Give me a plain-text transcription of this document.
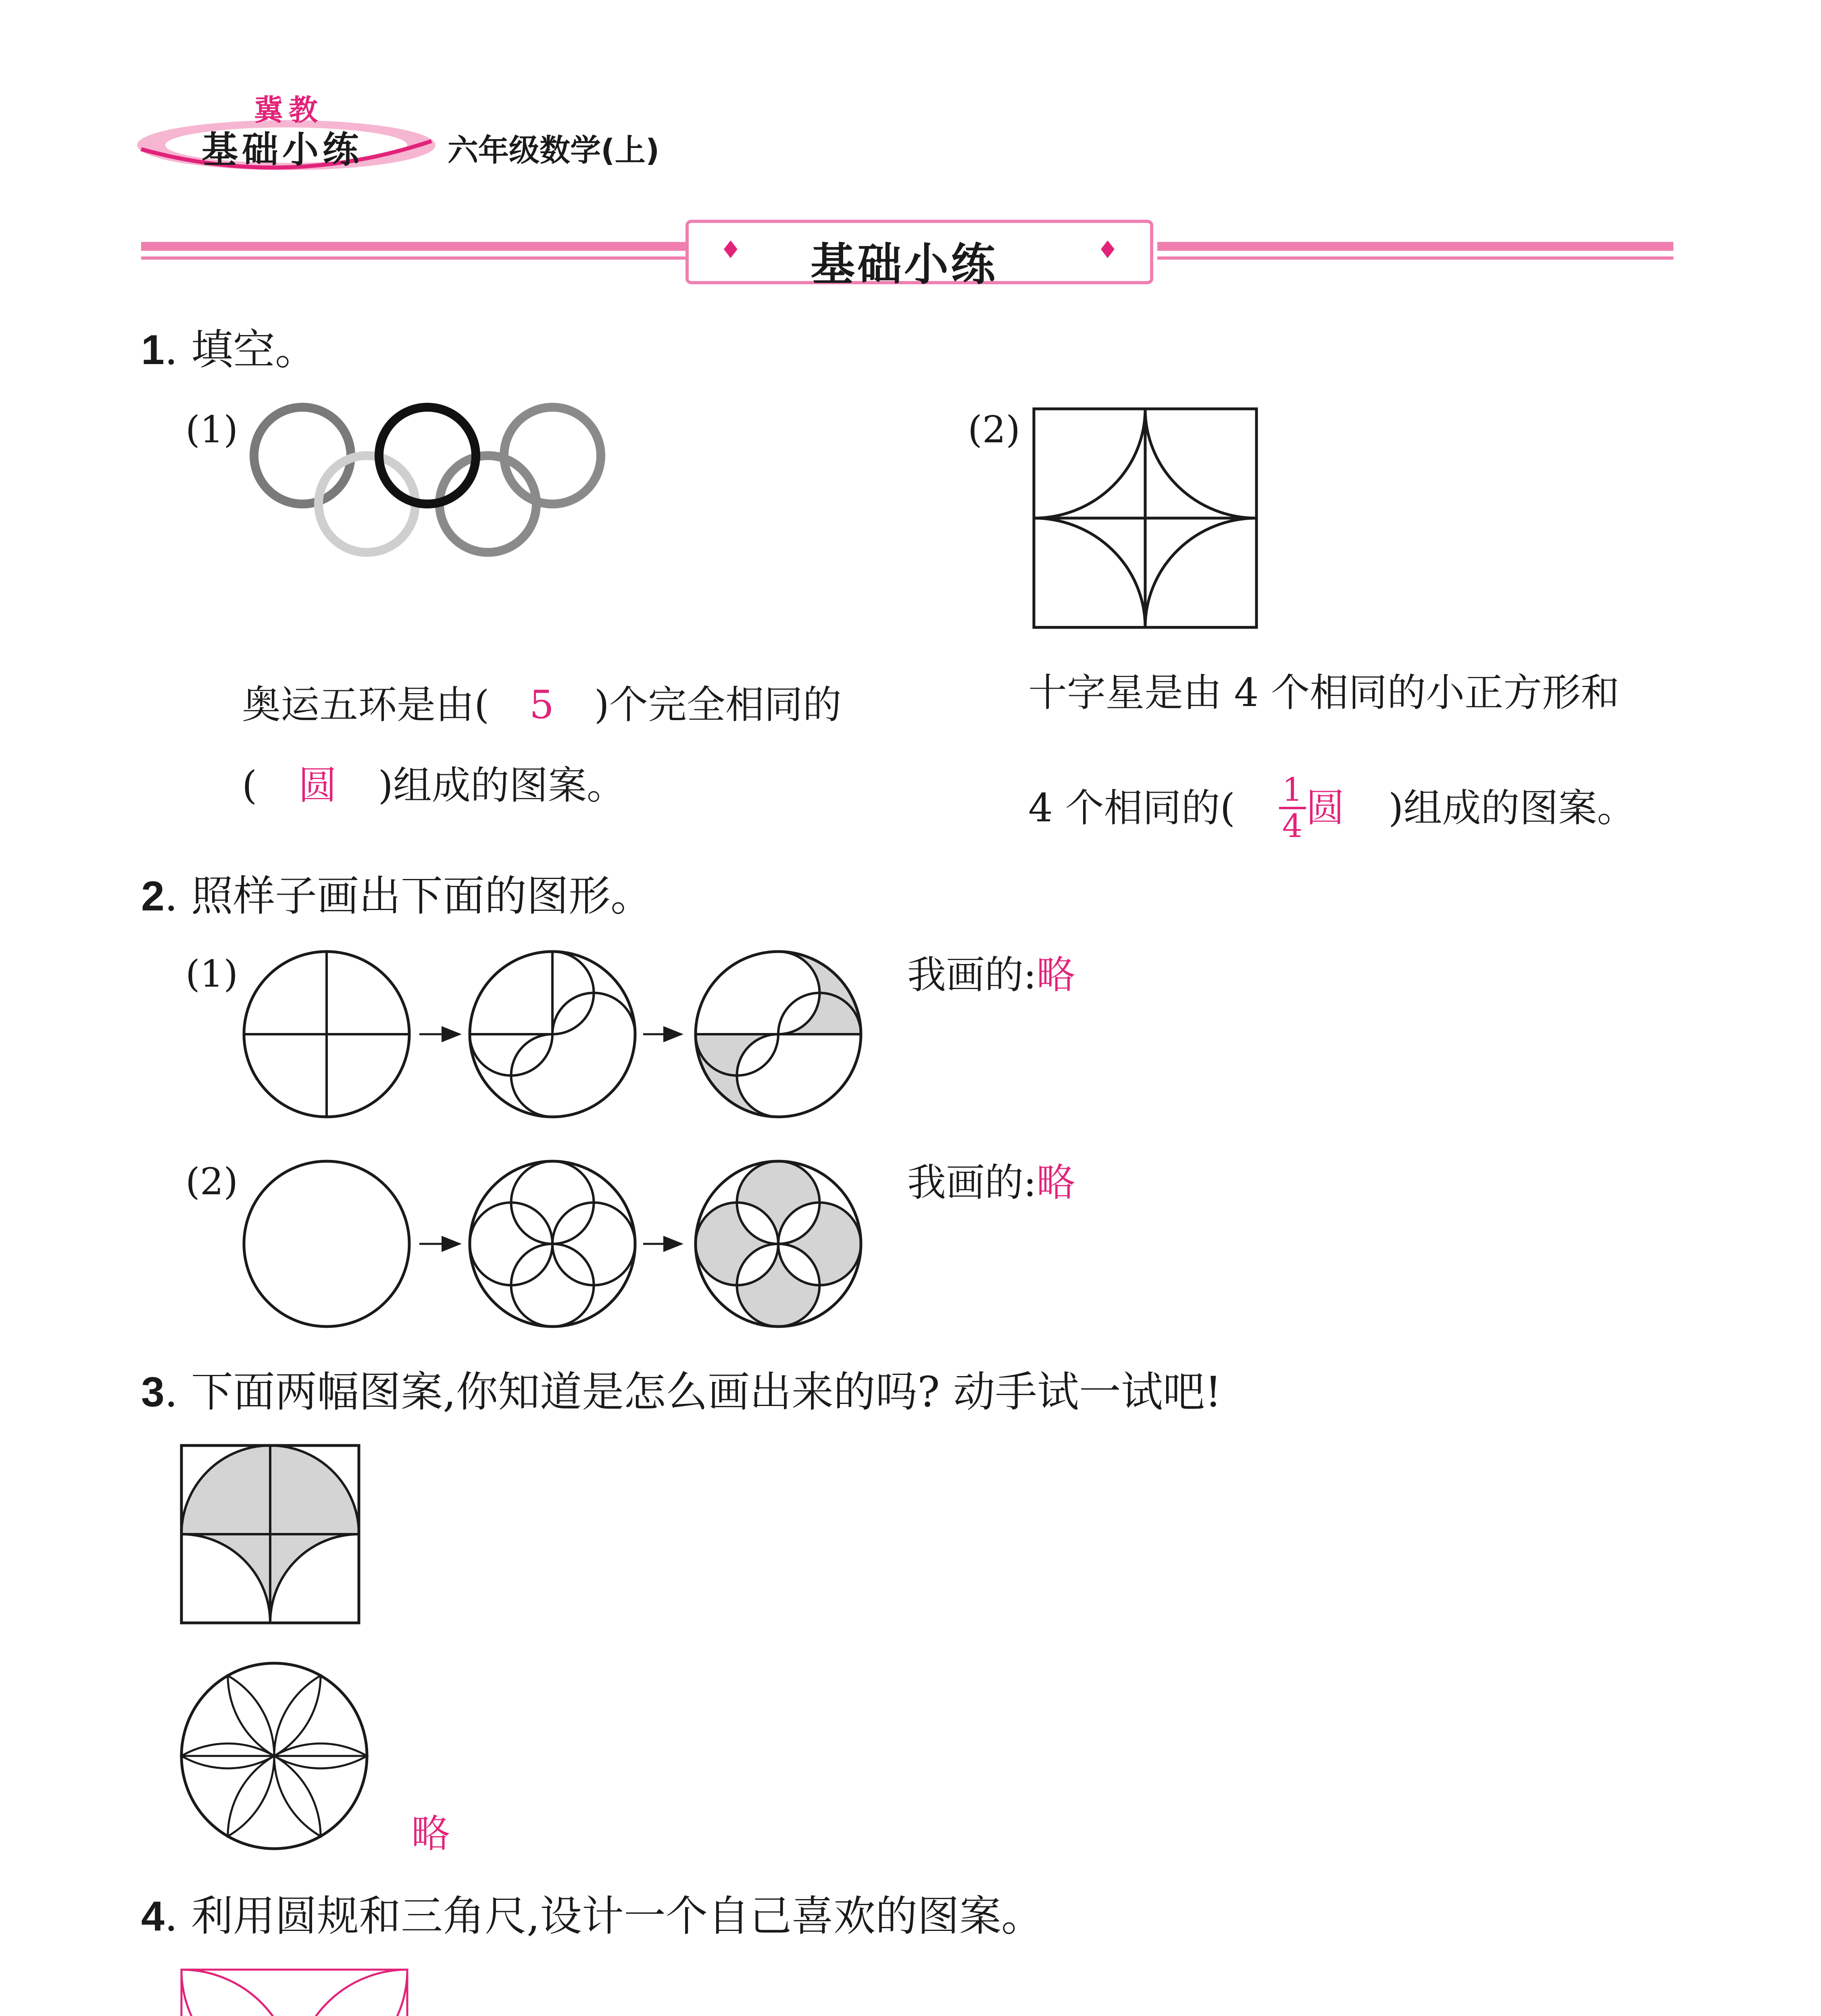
冀教
基础小练	六年级数学(上)
♦	♦
基础小练
1. 填空。
(1)
奥运五环是由( 5 )个完全相同的
( 圆 )组成的图案。
(2)
十字星是由 4 个相同的小正方形和
4 个相同的( $\frac{1}{4}$ 圆 )组成的图案。
2. 照样子画出下面的图形。
(1)	我画的:略
(2)	我画的:略
3. 下面两幅图案,你知道是怎么画出来的吗? 动手试一试吧!
略
4. 利用圆规和三角尺,设计一个自己喜欢的图案。
